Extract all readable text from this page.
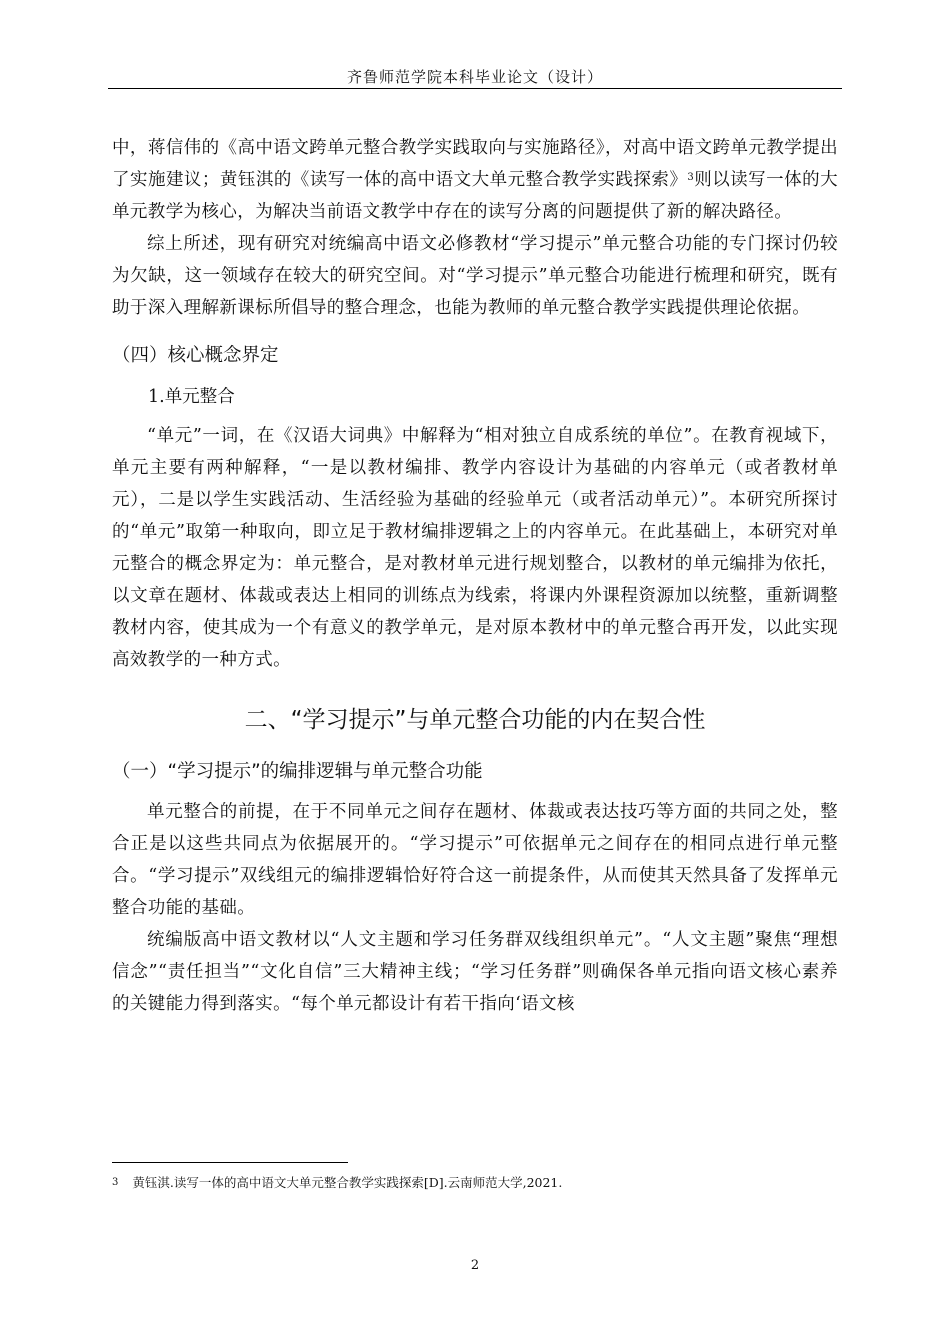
齐鲁师范学院本科毕业论文（设计）

中，蒋信伟的《高中语文跨单元整合教学实践取向与实施路径》，对高中语文跨单元教学提出了实施建议；黄钰淇的《读写一体的高中语文大单元整合教学实践探索》$^3$则以读写一体的大单元教学为核心，为解决当前语文教学中存在的读写分离的问题提供了新的解决路径。

综上所述，现有研究对统编高中语文必修教材“学习提示”单元整合功能的专门探讨仍较为欠缺，这一领域存在较大的研究空间。对“学习提示”单元整合功能进行梳理和研究，既有助于深入理解新课标所倡导的整合理念，也能为教师的单元整合教学实践提供理论依据。

（四）核心概念界定
1.单元整合

“单元”一词，在《汉语大词典》中解释为“相对独立自成系统的单位”。在教育视域下，单元主要有两种解释，“一是以教材编排、教学内容设计为基础的内容单元（或者教材单元），二是以学生实践活动、生活经验为基础的经验单元（或者活动单元）”。本研究所探讨的“单元”取第一种取向，即立足于教材编排逻辑之上的内容单元。在此基础上，本研究对单元整合的概念界定为：单元整合，是对教材单元进行规划整合，以教材的单元编排为依托，以文章在题材、体裁或表达上相同的训练点为线索，将课内外课程资源加以统整，重新调整教材内容，使其成为一个有意义的教学单元，是对原本教材中的单元整合再开发，以此实现高效教学的一种方式。

二、“学习提示”与单元整合功能的内在契合性
（一）“学习提示”的编排逻辑与单元整合功能

单元整合的前提，在于不同单元之间存在题材、体裁或表达技巧等方面的共同之处，整合正是以这些共同点为依据展开的。“学习提示”可依据单元之间存在的相同点进行单元整合。“学习提示”双线组元的编排逻辑恰好符合这一前提条件，从而使其天然具备了发挥单元整合功能的基础。

统编版高中语文教材以“人文主题和学习任务群双线组织单元”。“人文主题”聚焦“理想信念”“责任担当”“文化自信”三大精神主线；“学习任务群”则确保各单元指向语文核心素养的关键能力得到落实。“每个单元都设计有若干指向‘语文核

$^3$ 黄钰淇.读写一体的高中语文大单元整合教学实践探索[D].云南师范大学,2021.
2
